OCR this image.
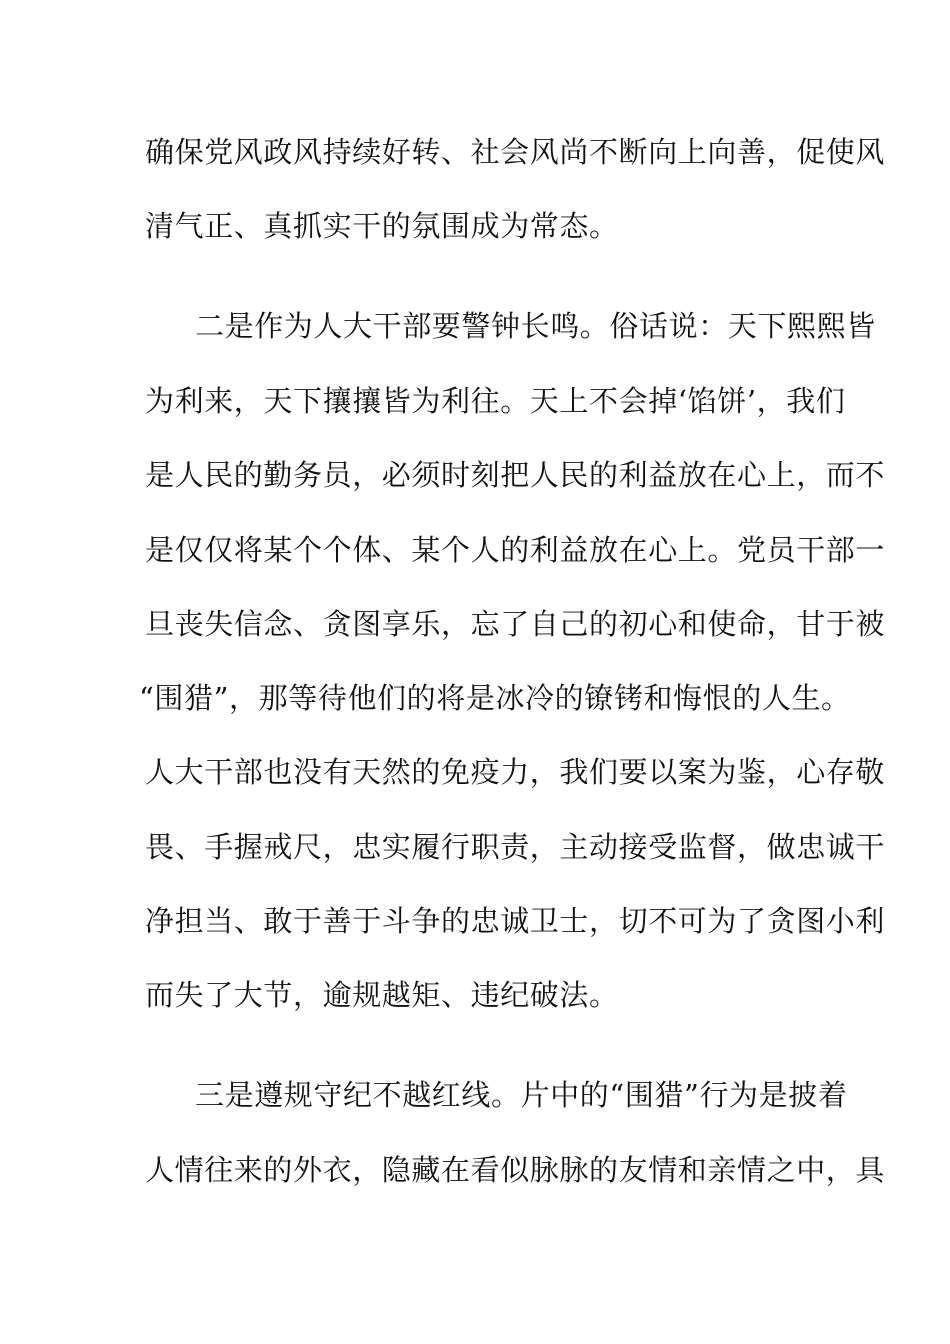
确保党风政风持续好转、社会风尚不断向上向善，促使风
清气正、真抓实干的氛围成为常态。
二是作为人大干部要警钟长鸣。俗话说：天下熙熙皆
为利来，天下攘攘皆为利往。天上不会掉‘馅饼’，我们
是人民的勤务员，必须时刻把人民的利益放在心上，而不
是仅仅将某个个体、某个人的利益放在心上。党员干部一
旦丧失信念、贪图享乐，忘了自己的初心和使命，甘于被
“围猎”，那等待他们的将是冰冷的镣铐和悔恨的人生。
人大干部也没有天然的免疫力，我们要以案为鉴，心存敬
畏、手握戒尺，忠实履行职责，主动接受监督，做忠诚干
净担当、敢于善于斗争的忠诚卫士，切不可为了贪图小利
而失了大节，逾规越矩、违纪破法。
三是遵规守纪不越红线。片中的“围猎”行为是披着
人情往来的外衣，隐藏在看似脉脉的友情和亲情之中，具
